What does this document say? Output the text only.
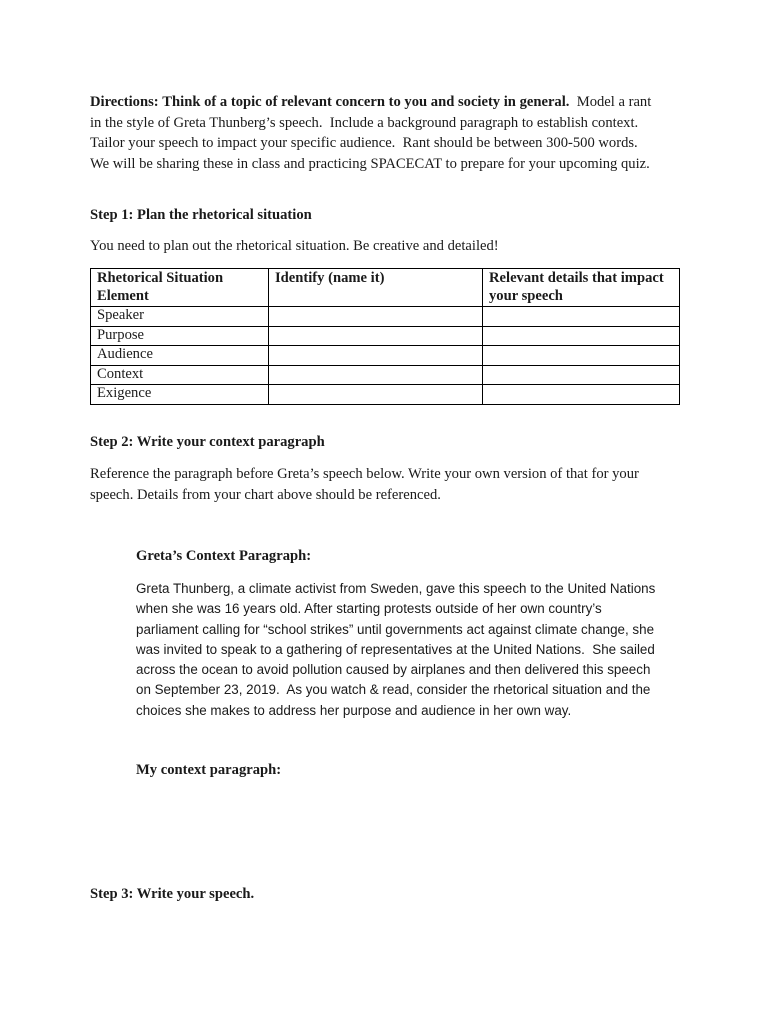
Directions: Think of a topic of relevant concern to you and society in general.  Model a rant
in the style of Greta Thunberg’s speech.  Include a background paragraph to establish context.
Tailor your speech to impact your specific audience.  Rant should be between 300-500 words.
We will be sharing these in class and practicing SPACECAT to prepare for your upcoming quiz.
Step 1: Plan the rhetorical situation
You need to plan out the rhetorical situation. Be creative and detailed!
Rhetorical Situation Element	Identify (name it)	Relevant details that impact your speech
Speaker		
Purpose		
Audience		
Context		
Exigence		
Step 2: Write your context paragraph
Reference the paragraph before Greta’s speech below. Write your own version of that for your
speech. Details from your chart above should be referenced.
Greta’s Context Paragraph:
Greta Thunberg, a climate activist from Sweden, gave this speech to the United Nations
when she was 16 years old. After starting protests outside of her own country’s
parliament calling for “school strikes” until governments act against climate change, she
was invited to speak to a gathering of representatives at the United Nations.  She sailed
across the ocean to avoid pollution caused by airplanes and then delivered this speech
on September 23, 2019.  As you watch & read, consider the rhetorical situation and the
choices she makes to address her purpose and audience in her own way.
My context paragraph:
Step 3: Write your speech.
